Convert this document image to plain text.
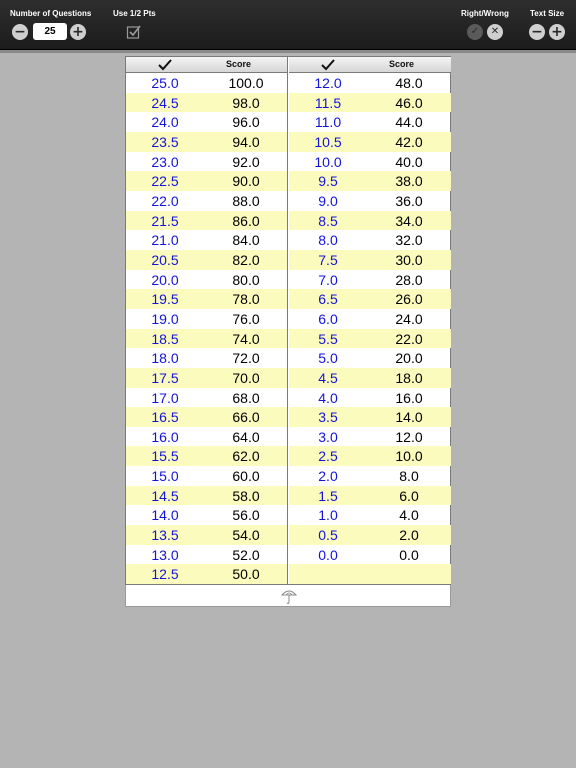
Number of Questions
−	25	+
Use 1/2 Pts	Right/Wrong
✓	✕
Text Size
− +
Score
25.0	100.0
24.5	98.0
24.0	96.0
23.5	94.0
23.0	92.0
22.5	90.0
22.0	88.0
21.5	86.0
21.0	84.0
20.5	82.0
20.0	80.0
19.5	78.0
19.0	76.0
18.5	74.0
18.0	72.0
17.5	70.0
17.0	68.0
16.5	66.0
16.0	64.0
15.5	62.0
15.0	60.0
14.5	58.0
14.0	56.0
13.5	54.0
13.0	52.0
12.5	50.0
Score
12.0	48.0
11.5	46.0
11.0	44.0
10.5	42.0
10.0	40.0
9.5	38.0
9.0	36.0
8.5	34.0
8.0	32.0
7.5	30.0
7.0	28.0
6.5	26.0
6.0	24.0
5.5	22.0
5.0	20.0
4.5	18.0
4.0	16.0
3.5	14.0
3.0	12.0
2.5	10.0
2.0	8.0
1.5	6.0
1.0	4.0
0.5	2.0
0.0	0.0
